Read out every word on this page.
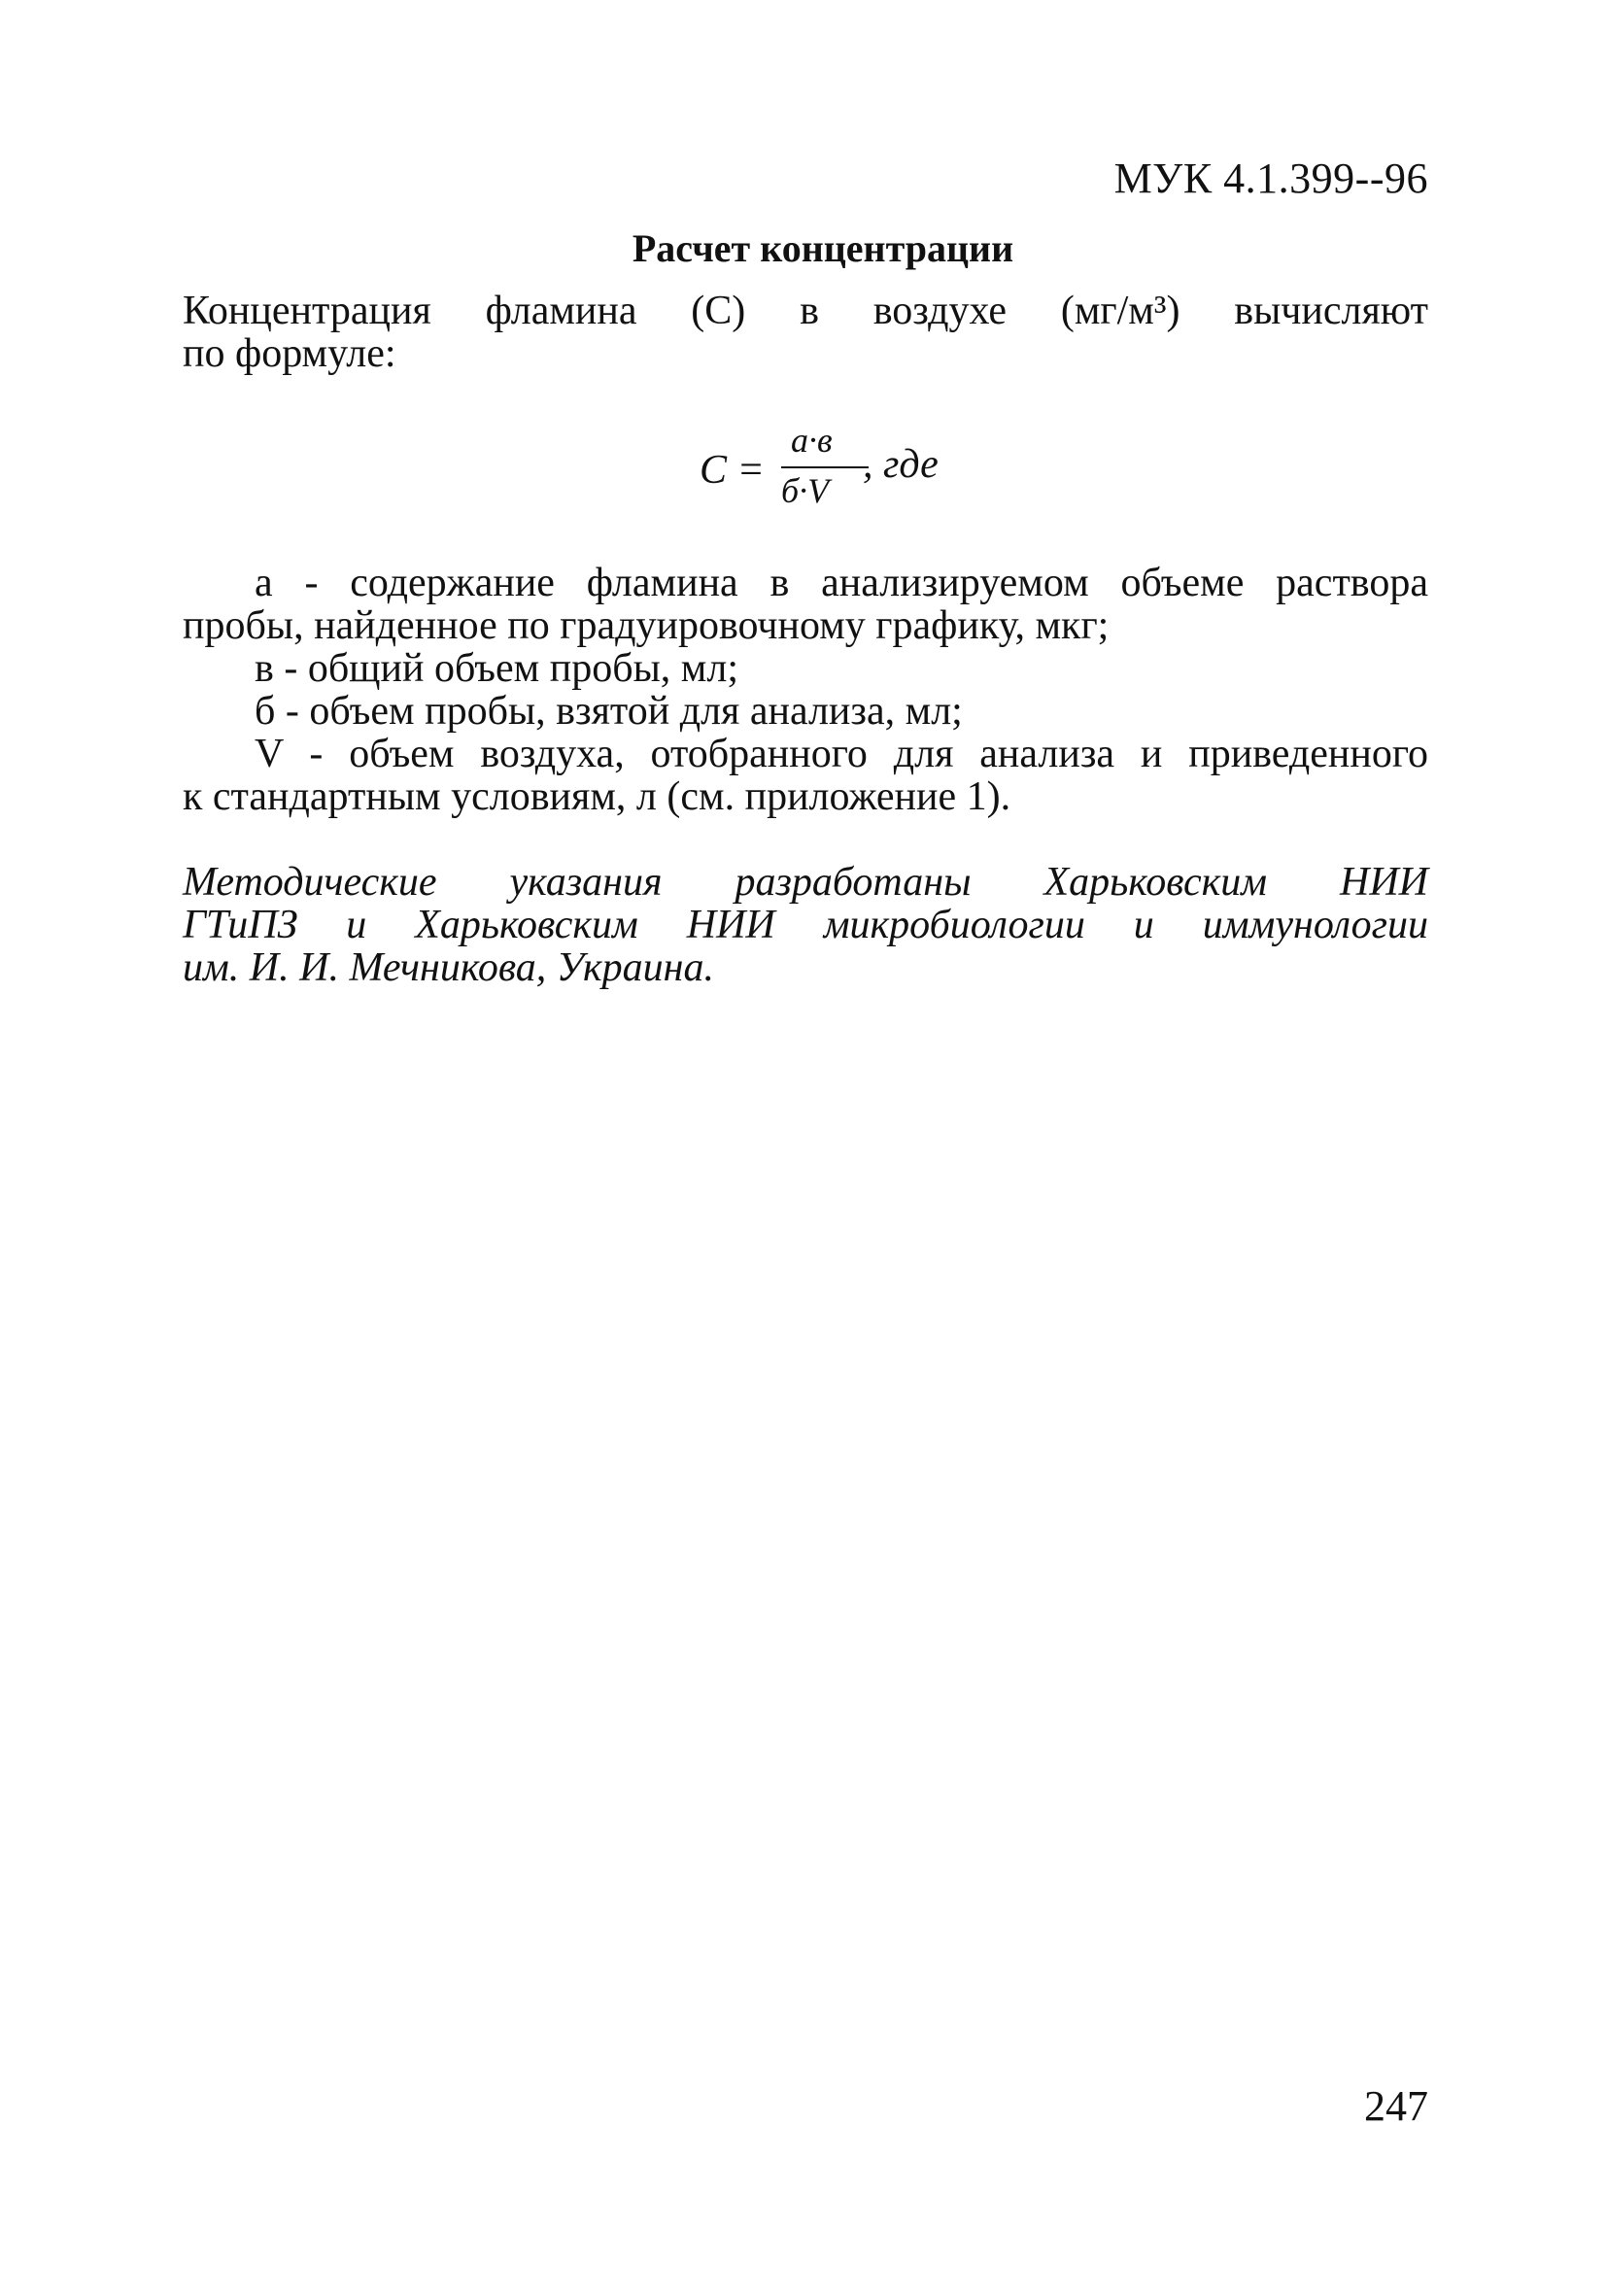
МУК 4.1.399--96
Расчет концентрации
Концентрация фламина (C) в воздухе (мг/м³) вычисляют
по формуле:
C =
а·в
б·V
, где
а - содержание фламина в анализируемом объеме раствора
пробы, найденное по градуировочному графику, мкг;
в - общий объем пробы, мл;
б - объем пробы, взятой для анализа, мл;
V - объем воздуха, отобранного для анализа и приведенного
к стандартным условиям, л (см. приложение 1).
Методические указания разработаны Харьковским НИИ
ГТиПЗ и Харьковским НИИ микробиологии и иммунологии
им. И. И. Мечникова, Украина.
247
